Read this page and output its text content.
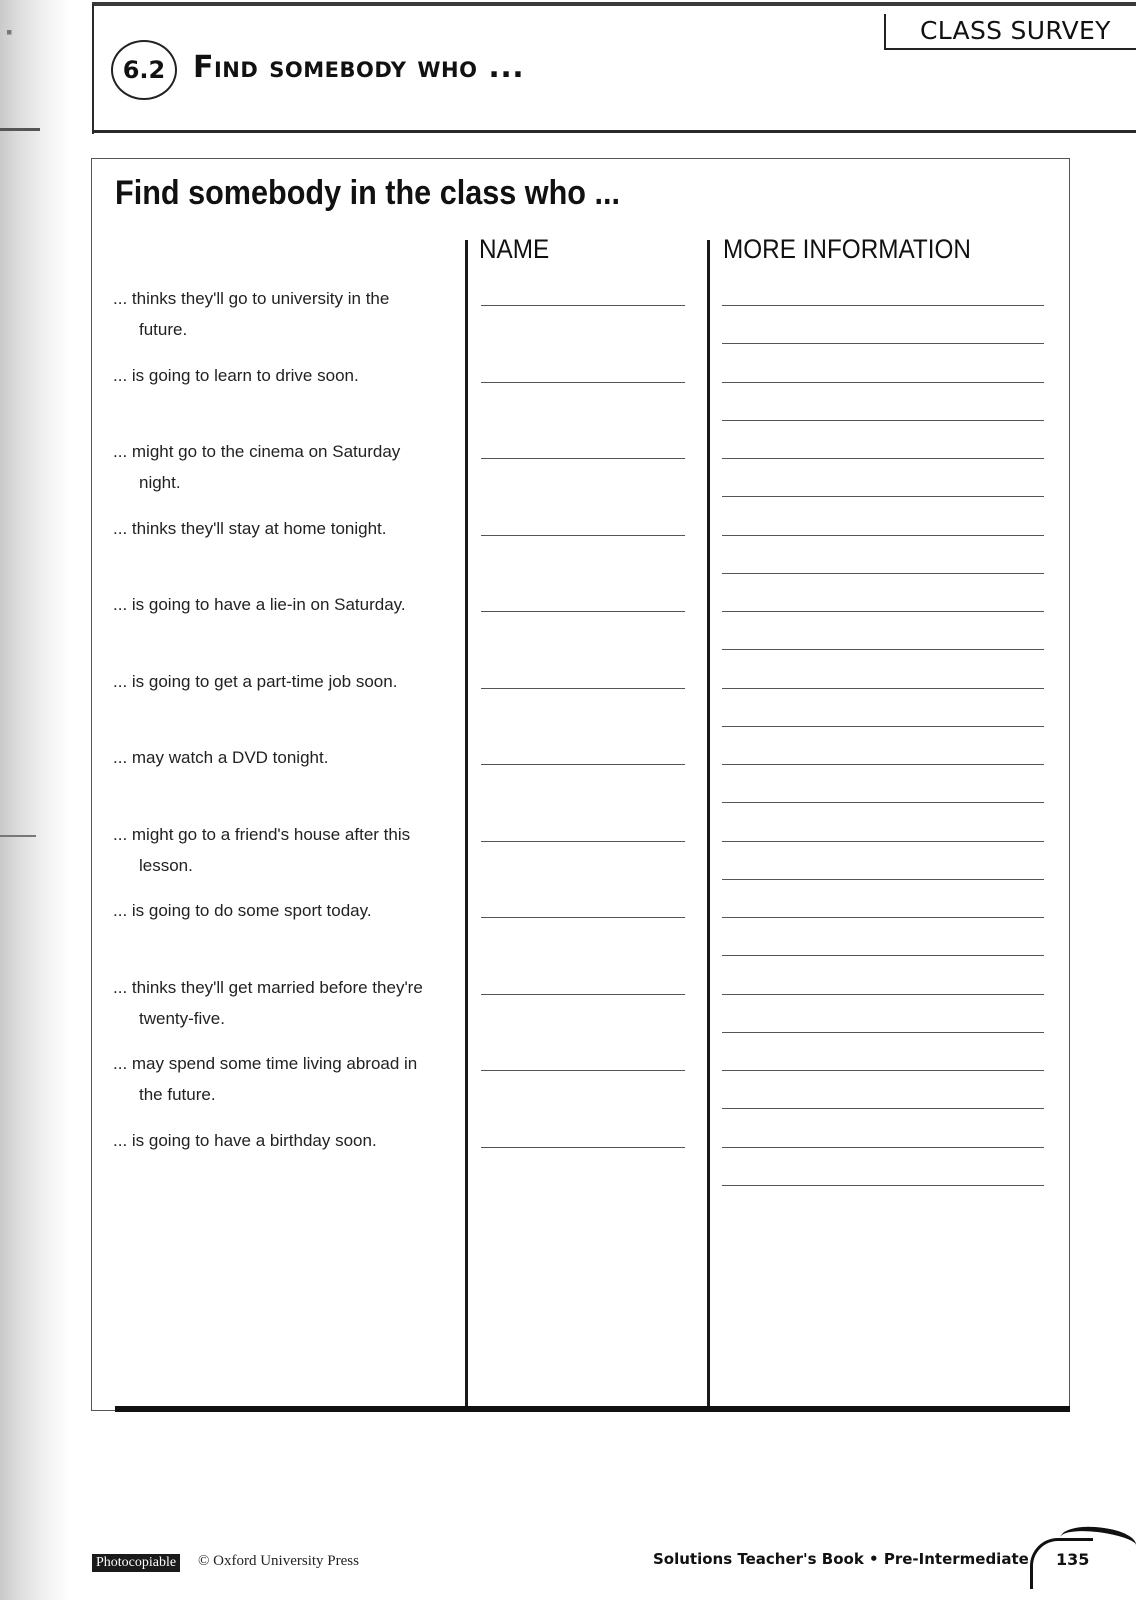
▪	CLASS SURVEY
6.2 Find somebody who ...
Find somebody in the class who ...
NAME	MORE INFORMATION
... thinks they'll go to university in the
future.
... is going to learn to drive soon.
... might go to the cinema on Saturday
night.
... thinks they'll stay at home tonight.
... is going to have a lie-in on Saturday.
... is going to get a part-time job soon.
... may watch a DVD tonight.
... might go to a friend's house after this
lesson.
... is going to do some sport today.
... thinks they'll get married before they're
twenty-five.
... may spend some time living abroad in
the future.
... is going to have a birthday soon.
Photocopiable © Oxford University Press	Solutions Teacher's Book • Pre-Intermediate 135
